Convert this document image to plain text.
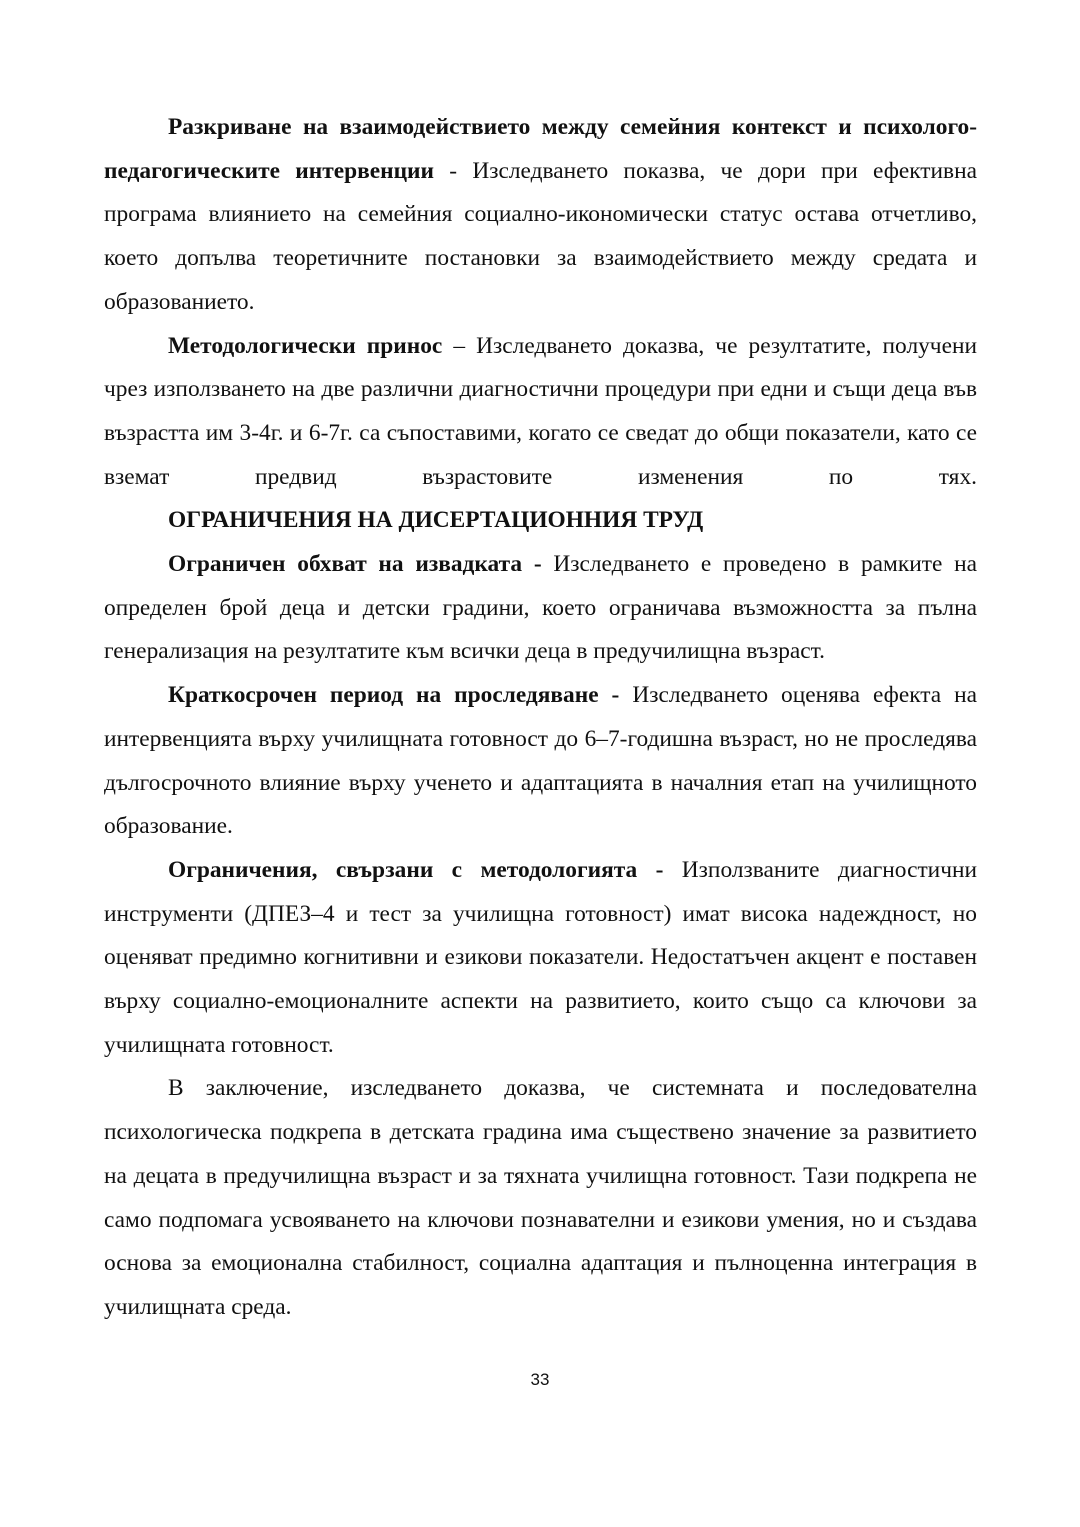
Разкриване на взаимодействието между семейния контекст и психолого-педагогическите интервенции - Изследването показва, че дори при ефективна програма влиянието на семейния социално-икономически статус остава отчетливо, което допълва теоретичните постановки за взаимодействието между средата и образованието.

Методологически принос – Изследването доказва, че резултатите, получени чрез използването на две различни диагностични процедури при едни и същи деца във възрастта им 3-4г. и 6-7г. са съпоставими, когато се сведат до общи показатели, като се вземат предвид възрастовите изменения по тях.

ОГРАНИЧЕНИЯ НА ДИСЕРТАЦИОННИЯ ТРУД

Ограничен обхват на извадката - Изследването е проведено в рамките на определен брой деца и детски градини, което ограничава възможността за пълна генерализация на резултатите към всички деца в предучилищна възраст.

Краткосрочен период на проследяване - Изследването оценява ефекта на интервенцията върху училищната готовност до 6–7-годишна възраст, но не проследява дългосрочното влияние върху ученето и адаптацията в началния етап на училищното образование.

Ограничения, свързани с методологията - Използваните диагностични инструменти (ДПЕЗ–4 и тест за училищна готовност) имат висока надеждност, но оценяват предимно когнитивни и езикови показатели. Недостатъчен акцент е поставен върху социално-емоционалните аспекти на развитието, които също са ключови за училищната готовност.

В заключение, изследването доказва, че системната и последователна психологическа подкрепа в детската градина има съществено значение за развитието на децата в предучилищна възраст и за тяхната училищна готовност. Тази подкрепа не само подпомага усвояването на ключови познавателни и езикови умения, но и създава основа за емоционална стабилност, социална адаптация и пълноценна интеграция в училищната среда.

33
